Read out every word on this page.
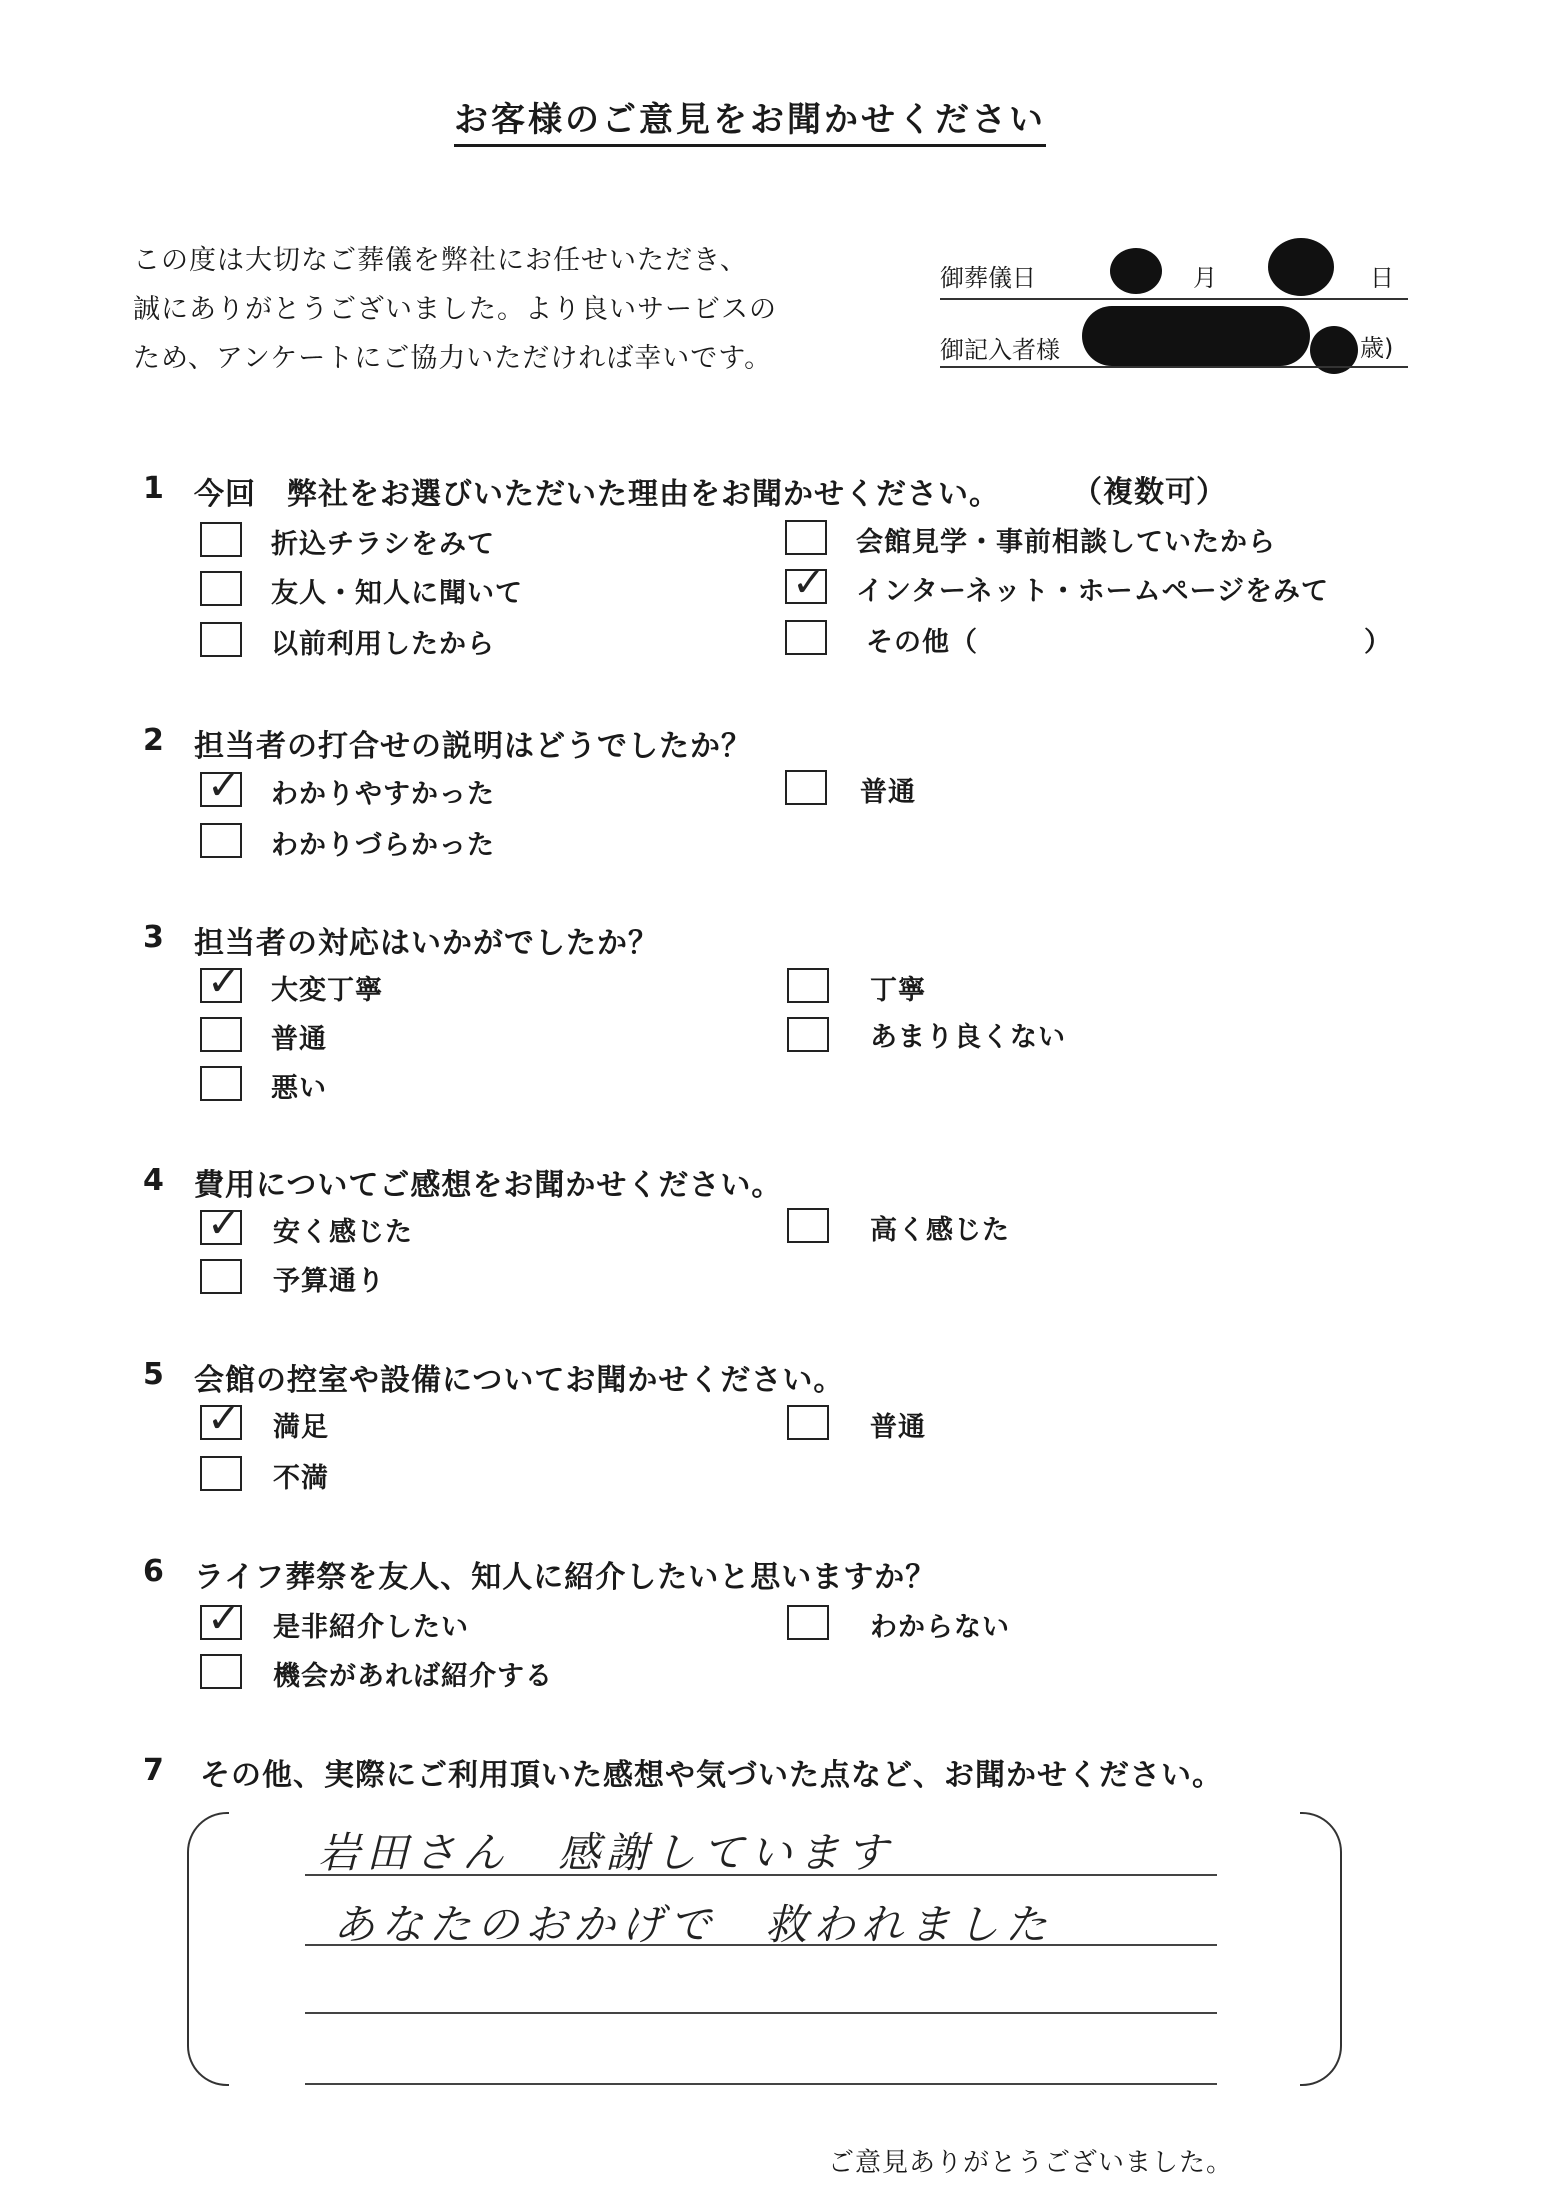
お客様のご意見をお聞かせください
この度は大切なご葬儀を弊社にお任せいただき、
誠にありがとうございました。より良いサービスの
ため、アンケートにご協力いただければ幸いです。
御葬儀日	月	日
御記入者様	歳)
1 今回　弊社をお選びいただいた理由をお聞かせください。 （複数可）
折込チラシをみて	会館見学・事前相談していたから
友人・知人に聞いて	✓ インターネット・ホームページをみて
以前利用したから	その他（	）
2 担当者の打合せの説明はどうでしたか？
✓ わかりやすかった	普通
わかりづらかった
3 担当者の対応はいかがでしたか？
✓ 大変丁寧	丁寧
普通	あまり良くない
悪い
4 費用についてご感想をお聞かせください。
✓ 安く感じた	高く感じた
予算通り
5 会館の控室や設備についてお聞かせください。
✓ 満足	普通
不満
6 ライフ葬祭を友人、知人に紹介したいと思いますか？
✓ 是非紹介したい	わからない
機会があれば紹介する
7 その他、実際にご利用頂いた感想や気づいた点など、お聞かせください。
岩田さん　感謝しています
あなたのおかげで　救われました
ご意見ありがとうございました。
